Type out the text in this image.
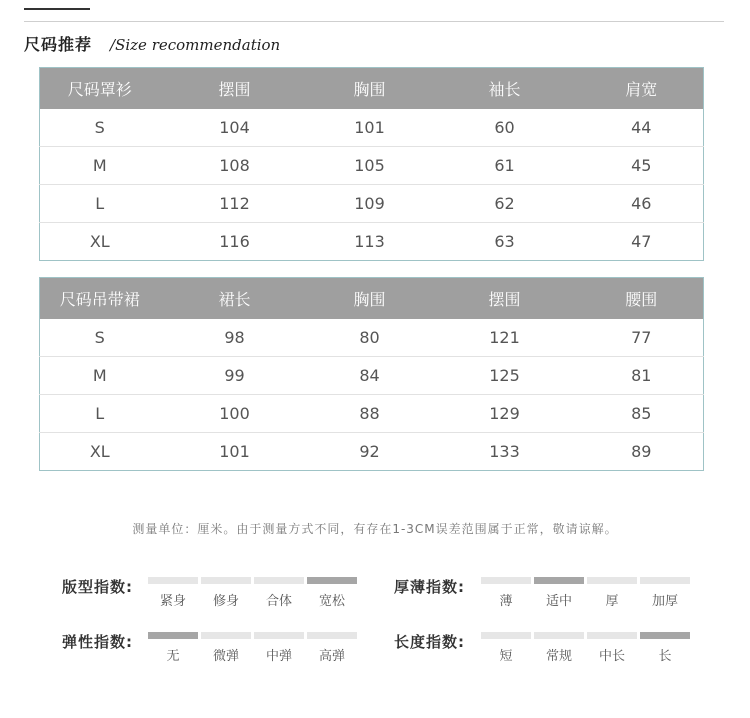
尺码推荐 /Size recommendation
尺码罩衫	摆围	胸围	袖长	肩宽
S	104	101	60	44
M	108	105	61	45
L	112	109	62	46
XL	116	113	63	47
尺码吊带裙	裙长	胸围	摆围	腰围
S	98	80	121	77
M	99	84	125	81
L	100	88	129	85
XL	101	92	133	89
测量单位：厘米。由于测量方式不同，有存在1-3CM误差范围属于正常，敬请谅解。
版型指数:
紧身	修身	合体	宽松
厚薄指数:
薄	适中	厚	加厚
弹性指数:
无	微弹	中弹	高弹
长度指数:
短	常规	中长	长
